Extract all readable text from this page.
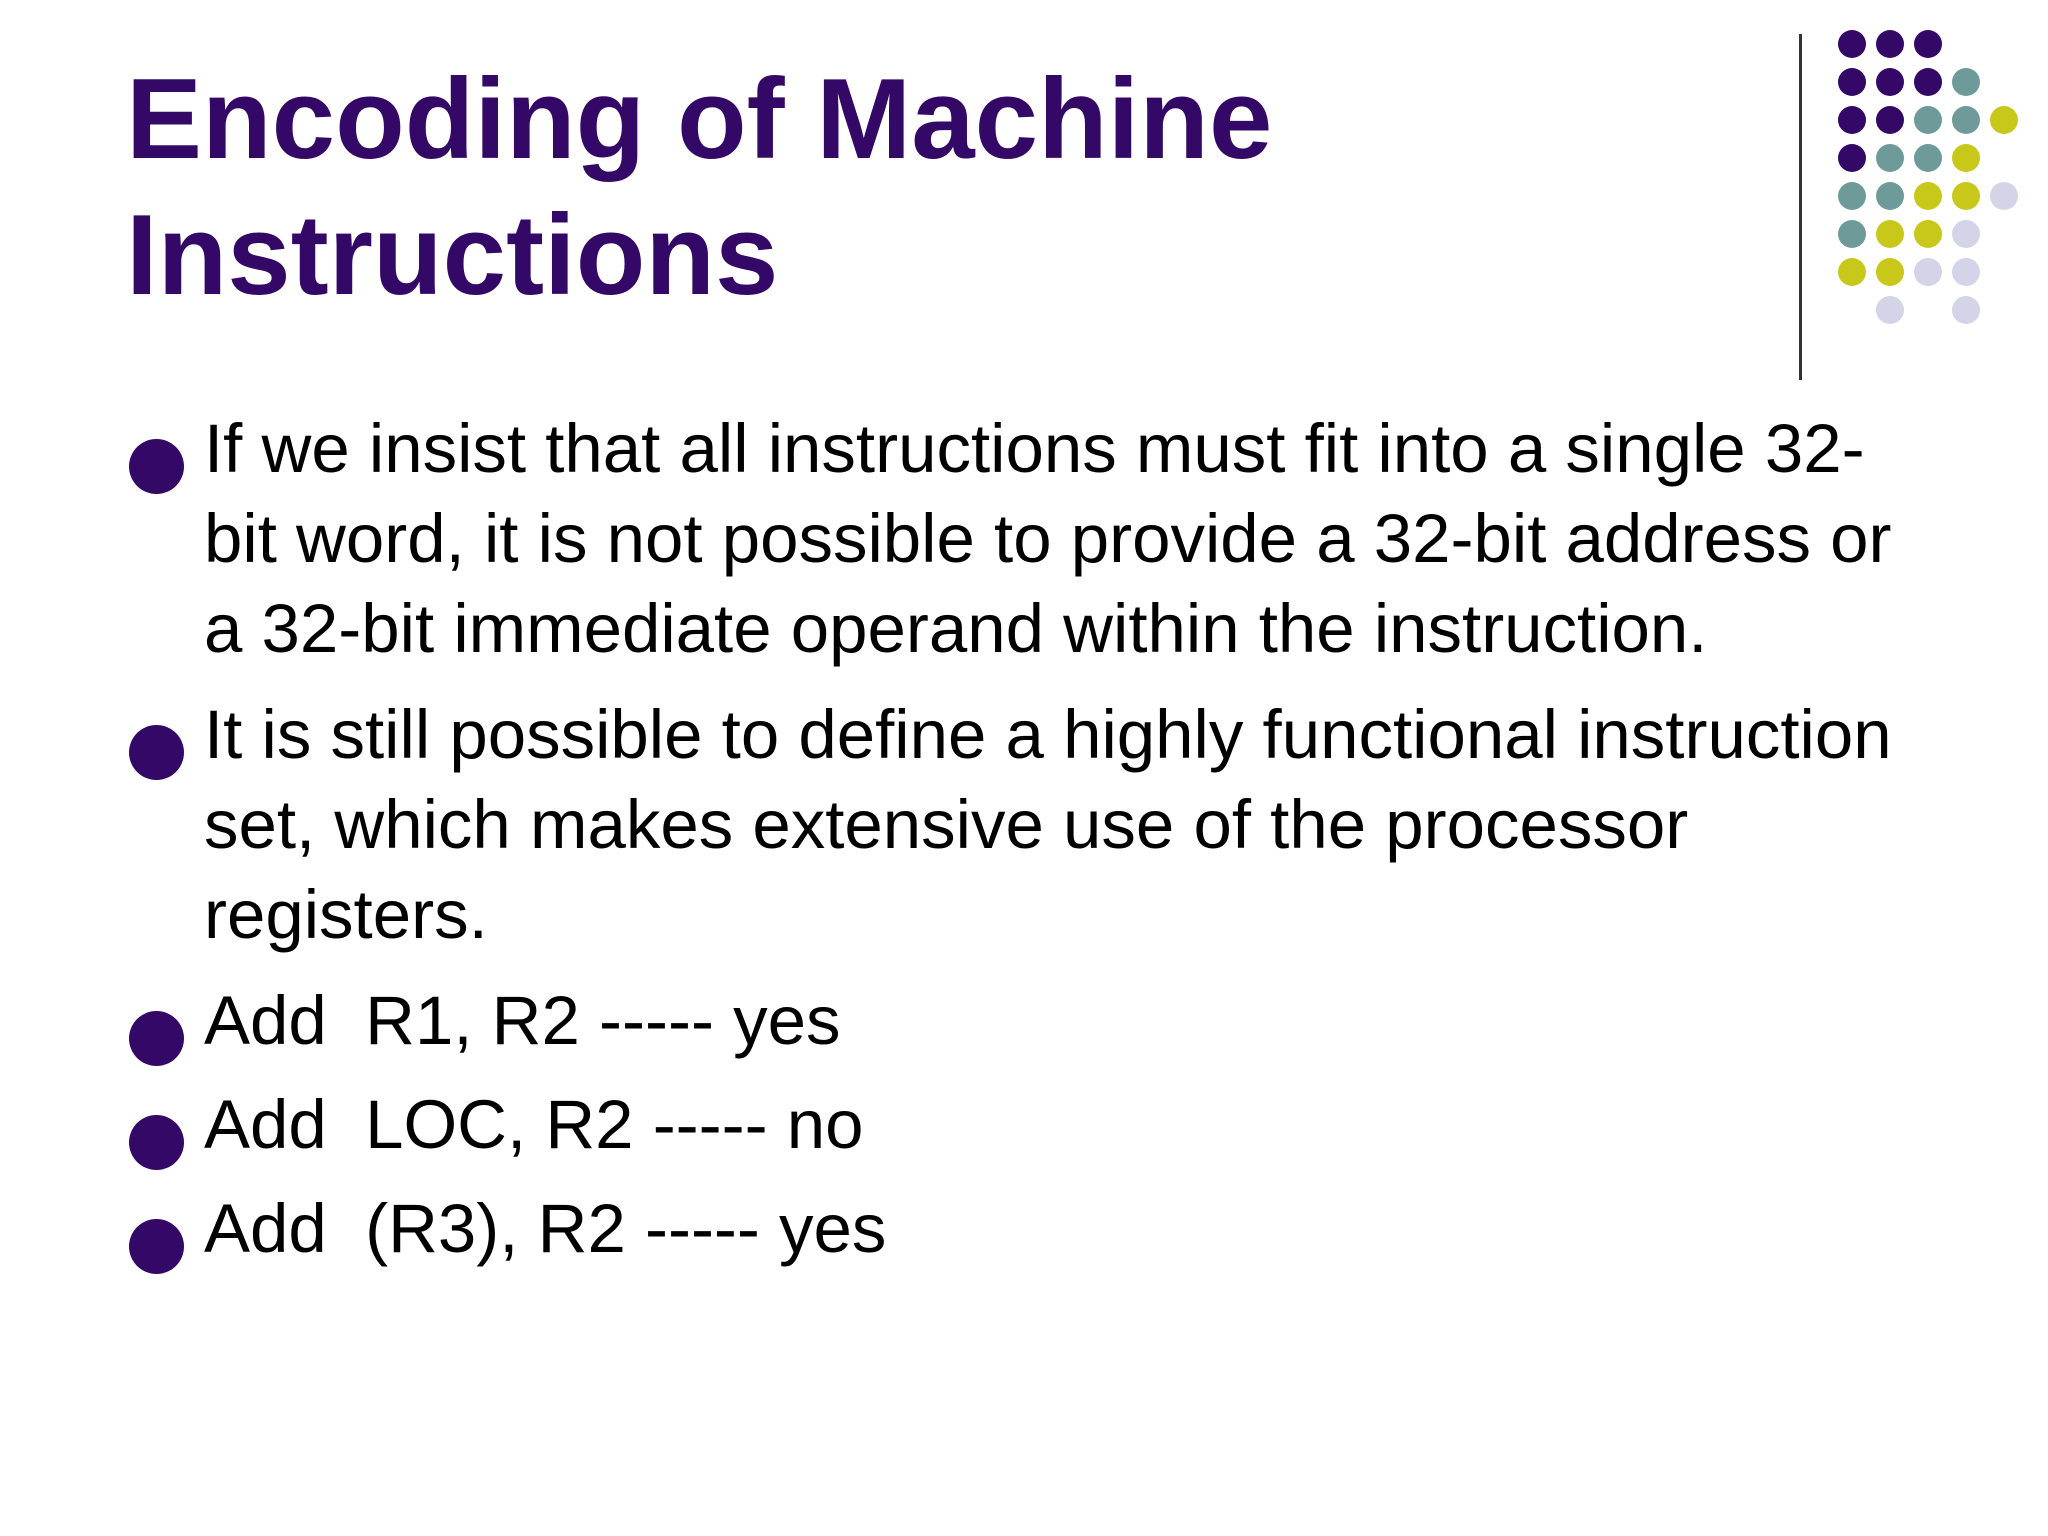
Encoding of Machine
Instructions
If we insist that all instructions must fit into a single 32-bit word, it is not possible to provide a 32-bit address or a 32-bit immediate operand within the instruction.
It is still possible to define a highly functional instruction set, which makes extensive use of the processor registers.
Add  R1, R2 ----- yes
Add  LOC, R2 ----- no
Add  (R3), R2 ----- yes
